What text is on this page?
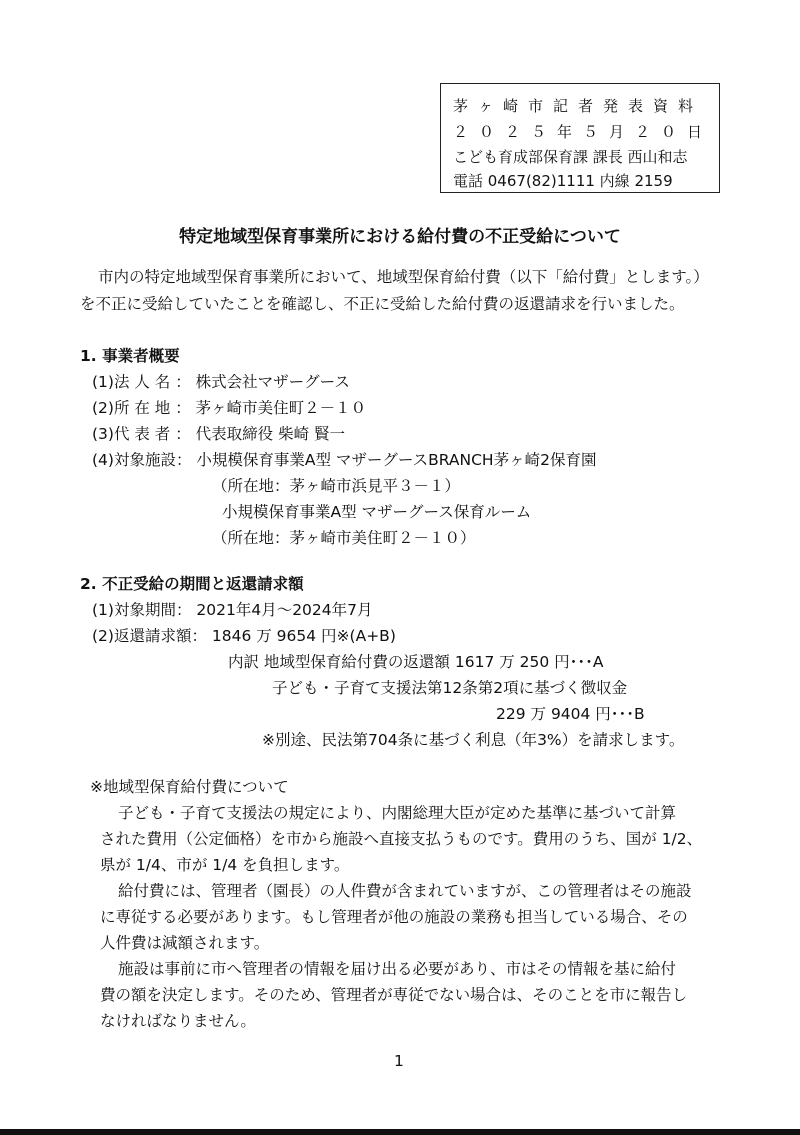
茅ヶ崎市記者発表資料
２０２５年５月２０日
こども育成部保育課 課長 西山和志
電話 0467(82)1111 内線 2159
特定地域型保育事業所における給付費の不正受給について
市内の特定地域型保育事業所において、地域型保育給付費（以下「給付費」とします。）
を不正に受給していたことを確認し、不正に受給した給付費の返還請求を行いました。
1. 事業者概要
(1)法 人 名 ： 株式会社マザーグース
(2)所 在 地 ： 茅ヶ崎市美住町２－１０
(3)代 表 者 ： 代表取締役 柴崎 賢一
(4)対象施設： 小規模保育事業A型 マザーグースBRANCH茅ヶ崎2保育園
（所在地：茅ヶ崎市浜見平３－１）
小規模保育事業A型 マザーグース保育ルーム
（所在地：茅ヶ崎市美住町２－１０）
2. 不正受給の期間と返還請求額
(1)対象期間： 2021年4月～2024年7月
(2)返還請求額： 1846 万 9654 円※(A+B)
内訳 地域型保育給付費の返還額 1617 万 250 円･･･A
子ども・子育て支援法第12条第2項に基づく徴収金
229 万 9404 円･･･B
※別途、民法第704条に基づく利息（年3%）を請求します。
※地域型保育給付費について
子ども・子育て支援法の規定により、内閣総理大臣が定めた基準に基づいて計算
された費用（公定価格）を市から施設へ直接支払うものです。費用のうち、国が 1/2、
県が 1/4、市が 1/4 を負担します。
給付費には、管理者（園長）の人件費が含まれていますが、この管理者はその施設
に専従する必要があります。もし管理者が他の施設の業務も担当している場合、その
人件費は減額されます。
施設は事前に市へ管理者の情報を届け出る必要があり、市はその情報を基に給付
費の額を決定します。そのため、管理者が専従でない場合は、そのことを市に報告し
なければなりません。
1
